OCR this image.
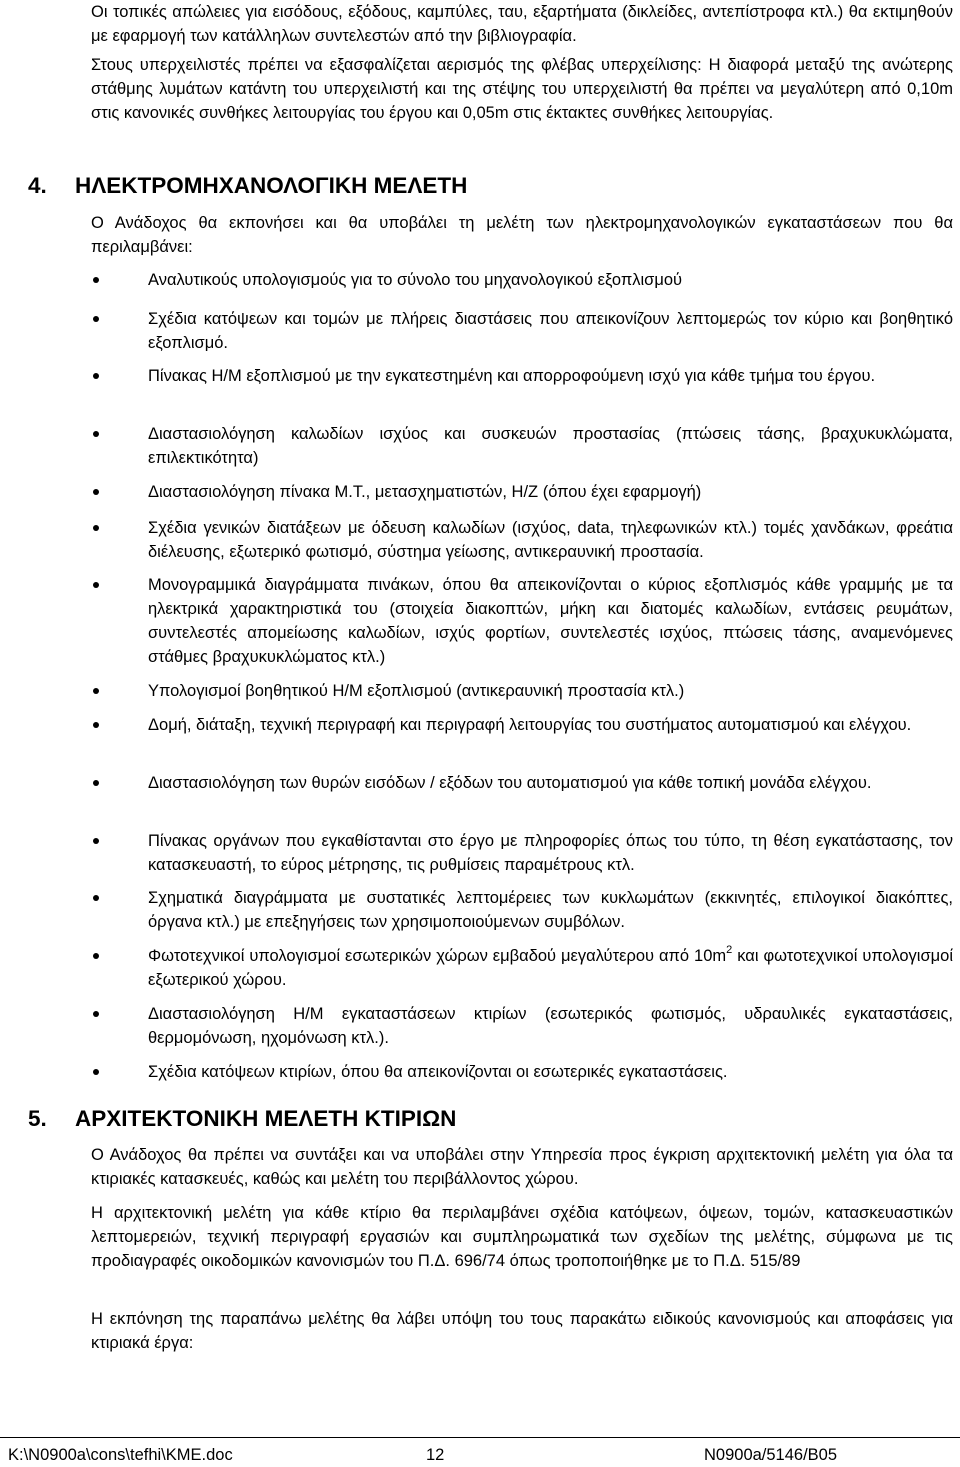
Οι τοπικές απώλειες για εισόδους, εξόδους, καμπύλες, ταυ, εξαρτήματα (δικλείδες, αντεπίστροφα κτλ.) θα εκτιμηθούν με εφαρμογή των κατάλληλων συντελεστών από την βιβλιογραφία.

Στους υπερχειλιστές πρέπει να εξασφαλίζεται αερισμός της φλέβας υπερχείλισης: Η διαφορά μεταξύ της ανώτερης στάθμης λυμάτων κατάντη του υπερχειλιστή και της στέψης του υπερχειλιστή θα πρέπει να μεγαλύτερη από 0,10m στις κανονικές συνθήκες λειτουργίας του έργου και 0,05m στις έκτακτες συνθήκες λειτουργίας.

4. ΗΛΕΚΤΡΟΜΗΧΑΝΟΛΟΓΙΚΗ ΜΕΛΕΤΗ

Ο Ανάδοχος θα εκπονήσει και θα υποβάλει τη μελέτη των ηλεκτρομηχανολογικών εγκαταστάσεων που θα περιλαμβάνει:

Αναλυτικούς υπολογισμούς για το σύνολο του μηχανολογικού εξοπλισμού
Σχέδια κατόψεων και τομών με πλήρεις διαστάσεις που απεικονίζουν λεπτομερώς τον κύριο και βοηθητικό εξοπλισμό.
Πίνακας Η/Μ εξοπλισμού με την εγκατεστημένη και απορροφούμενη ισχύ για κάθε τμήμα του έργου.
Διαστασιολόγηση καλωδίων ισχύος και συσκευών προστασίας (πτώσεις τάσης, βραχυκυκλώματα, επιλεκτικότητα)
Διαστασιολόγηση πίνακα Μ.Τ., μετασχηματιστών, Η/Ζ (όπου έχει εφαρμογή)
Σχέδια γενικών διατάξεων με όδευση καλωδίων (ισχύος, data, τηλεφωνικών κτλ.) τομές χανδάκων, φρεάτια διέλευσης, εξωτερικό φωτισμό, σύστημα γείωσης, αντικεραυνική προστασία.
Μονογραμμικά διαγράμματα πινάκων, όπου θα απεικονίζονται ο κύριος εξοπλισμός κάθε γραμμής με τα ηλεκτρικά χαρακτηριστικά του (στοιχεία διακοπτών, μήκη και διατομές καλωδίων, εντάσεις ρευμάτων, συντελεστές απομείωσης καλωδίων, ισχύς φορτίων, συντελεστές ισχύος, πτώσεις τάσης, αναμενόμενες στάθμες βραχυκυκλώματος κτλ.)
Υπολογισμοί βοηθητικού Η/Μ εξοπλισμού (αντικεραυνική προστασία κτλ.)
Δομή, διάταξη, τεχνική περιγραφή και περιγραφή λειτουργίας του συστήματος αυτοματισμού και ελέγχου.
Διαστασιολόγηση των θυρών εισόδων / εξόδων του αυτοματισμού για κάθε τοπική μονάδα ελέγχου.
Πίνακας οργάνων που εγκαθίστανται στο έργο με πληροφορίες όπως του τύπο, τη θέση εγκατάστασης, τον κατασκευαστή, το εύρος μέτρησης, τις ρυθμίσεις παραμέτρους κτλ.
Σχηματικά διαγράμματα με συστατικές λεπτομέρειες των κυκλωμάτων (εκκινητές, επιλογικοί διακόπτες, όργανα κτλ.) με επεξηγήσεις των χρησιμοποιούμενων συμβόλων.
Φωτοτεχνικοί υπολογισμοί εσωτερικών χώρων εμβαδού μεγαλύτερου από $10m^2$ και φωτοτεχνικοί υπολογισμοί εξωτερικού χώρου.
Διαστασιολόγηση Η/Μ εγκαταστάσεων κτιρίων (εσωτερικός φωτισμός, υδραυλικές εγκαταστάσεις, θερμομόνωση, ηχομόνωση κτλ.).
Σχέδια κατόψεων κτιρίων, όπου θα απεικονίζονται οι εσωτερικές εγκαταστάσεις.
5. ΑΡΧΙΤΕΚΤΟΝΙΚΗ ΜΕΛΕΤΗ ΚΤΙΡΙΩΝ

Ο Ανάδοχος θα πρέπει να συντάξει και να υποβάλει στην Υπηρεσία προς έγκριση αρχιτεκτονική μελέτη για όλα τα κτιριακές κατασκευές, καθώς και μελέτη του περιβάλλοντος χώρου.

Η αρχιτεκτονική μελέτη για κάθε κτίριο θα περιλαμβάνει σχέδια κατόψεων, όψεων, τομών, κατασκευαστικών λεπτομερειών, τεχνική περιγραφή εργασιών και συμπληρωματικά των σχεδίων της μελέτης, σύμφωνα με τις προδιαγραφές οικοδομικών κανονισμών του Π.Δ. 696/74 όπως τροποποιήθηκε με το Π.Δ. 515/89

Η εκπόνηση της παραπάνω μελέτης θα λάβει υπόψη του τους παρακάτω ειδικούς κανονισμούς και αποφάσεις για κτιριακά έργα:

K:\N0900a\cons\tefhi\KME.doc	12	N0900a/5146/B05
